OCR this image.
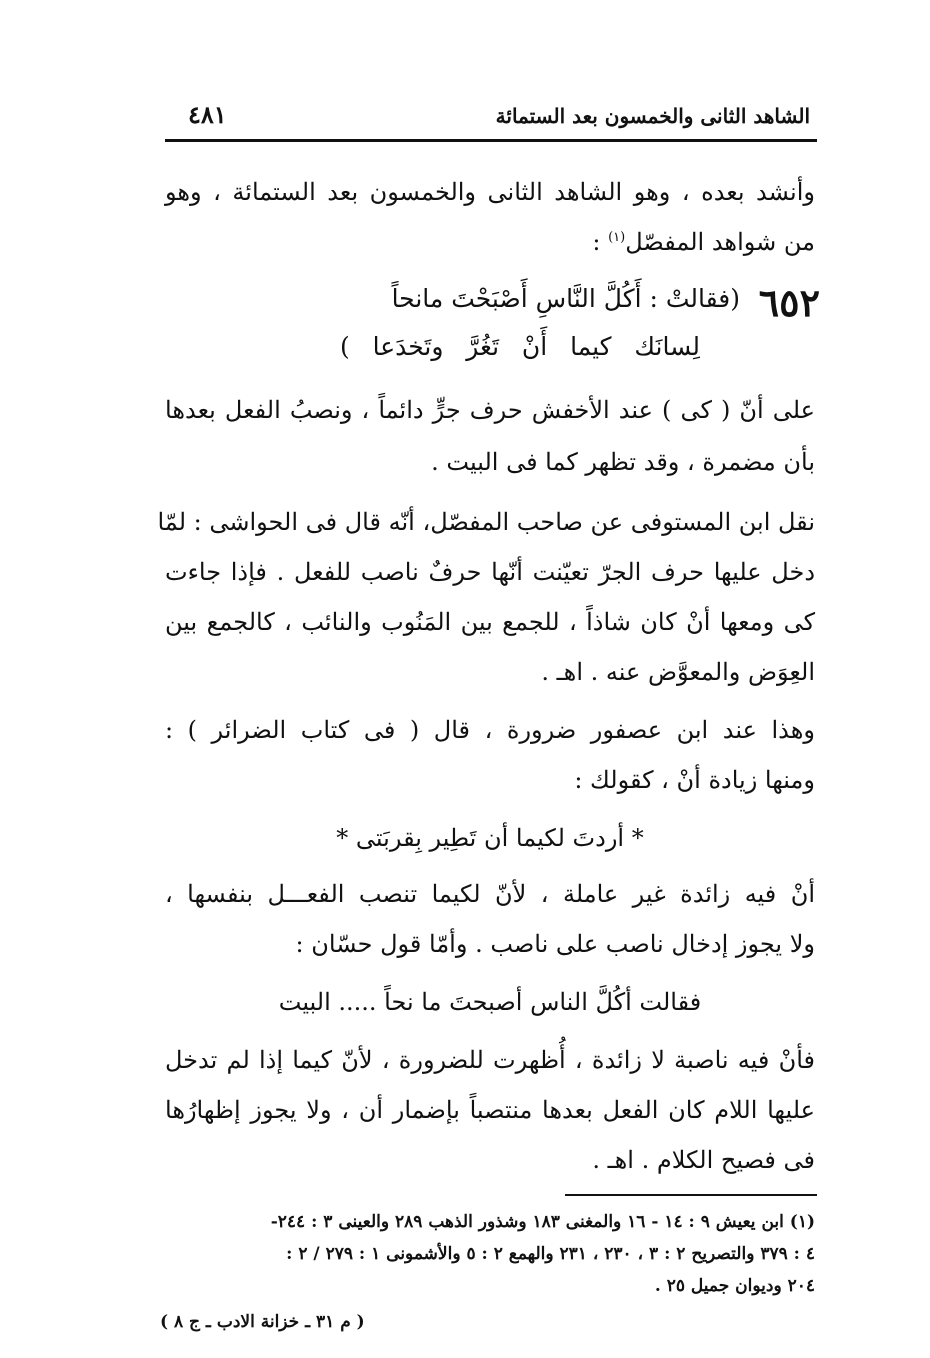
الشاهد الثانى والخمسون بعد الستمائة
٤٨١
وأنشد بعده ، وهو الشاهد الثانى والخمسون بعد الستمائة ، وهو
من شواهد المفصّل$^{(١)}$ :
٦٥٢
(فقالتْ : أَكُلَّ النَّاسِ أَصْبَحْتَ مانحاً
لِسانَك كيما أَنْ تَغُرَّ وتَخدَعا )
على أنّ ( كى ) عند الأخفش حرف جرٍّ دائماً ، ونصبُ الفعل بعدها
بأن مضمرة ، وقد تظهر كما فى البيت .
نقل ابن المستوفى عن صاحب المفصّل، أنّه قال فى الحواشى : لمّا
دخل عليها حرف الجرّ تعيّنت أنّها حرفٌ ناصب للفعل . فإذا جاءت
كى ومعها أنْ كان شاذاً ، للجمع بين المَنُوب والنائب ، كالجمع بين
العِوَض والمعوَّض عنه . اهـ .
وهذا عند ابن عصفور ضرورة ، قال ( فى كتاب الضرائر ) :
ومنها زيادة أنْ ، كقولك :
* أردتَ لكيما أن تَطِير بِقربَتى *
أنْ فيه زائدة غير عاملة ، لأنّ لكيما تنصب الفعـــل بنفسها ،
ولا يجوز إدخال ناصب على ناصب . وأمّا قول حسّان :
فقالت أكُلَّ الناس أصبحتَ ما نحاً ..... البيت
فأنْ فيه ناصبة لا زائدة ، أُظهرت للضرورة ، لأنّ كيما إذا لم تدخل
عليها اللام كان الفعل بعدها منتصباً بإضمار أن ، ولا يجوز إظهارُها
فى فصيح الكلام . اهـ .
(١) ابن يعيش ٩ : ١٤ - ١٦ والمغنى ١٨٣ وشذور الذهب ٢٨٩ والعينى ٣ : ٢٤٤-
٤ : ٣٧٩ والتصريح ٢ : ٣ ، ٢٣٠ ، ٢٣١ والهمع ٢ : ٥ والأشمونى ١ : ٢٧٩ / ٢ :
٢٠٤ وديوان جميل ٢٥ .
( م ٣١ ـ خزانة الادب ـ ج ٨ )
